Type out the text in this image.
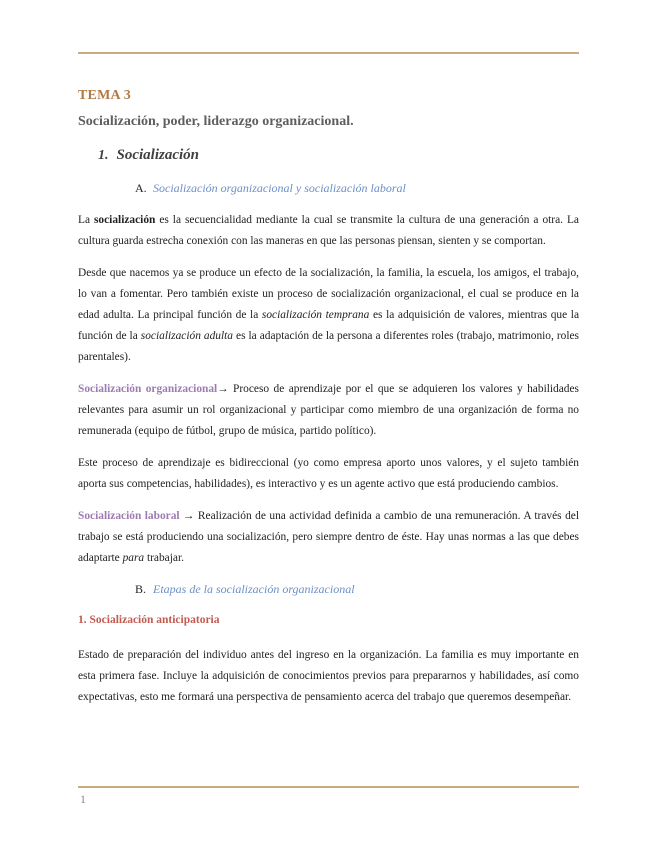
TEMA 3
Socialización, poder, liderazgo organizacional.
1. Socialización
A. Socialización organizacional y socialización laboral

La socialización es la secuencialidad mediante la cual se transmite la cultura de una generación a otra. La cultura guarda estrecha conexión con las maneras en que las personas piensan, sienten y se comportan.

Desde que nacemos ya se produce un efecto de la socialización, la familia, la escuela, los amigos, el trabajo, lo van a fomentar. Pero también existe un proceso de socialización organizacional, el cual se produce en la edad adulta. La principal función de la socialización temprana es la adquisición de valores, mientras que la función de la socialización adulta es la adaptación de la persona a diferentes roles (trabajo, matrimonio, roles parentales).

Socialización organizacional→ Proceso de aprendizaje por el que se adquieren los valores y habilidades relevantes para asumir un rol organizacional y participar como miembro de una organización de forma no remunerada (equipo de fútbol, grupo de música, partido político).

Este proceso de aprendizaje es bidireccional (yo como empresa aporto unos valores, y el sujeto también aporta sus competencias, habilidades), es interactivo y es un agente activo que está produciendo cambios.

Socialización laboral → Realización de una actividad definida a cambio de una remuneración. A través del trabajo se está produciendo una socialización, pero siempre dentro de éste. Hay unas normas a las que debes adaptarte para trabajar.

B. Etapas de la socialización organizacional
1. Socialización anticipatoria

Estado de preparación del individuo antes del ingreso en la organización. La familia es muy importante en esta primera fase. Incluye la adquisición de conocimientos previos para prepararnos y habilidades, así como expectativas, esto me formará una perspectiva de pensamiento acerca del trabajo que queremos desempeñar.

1
